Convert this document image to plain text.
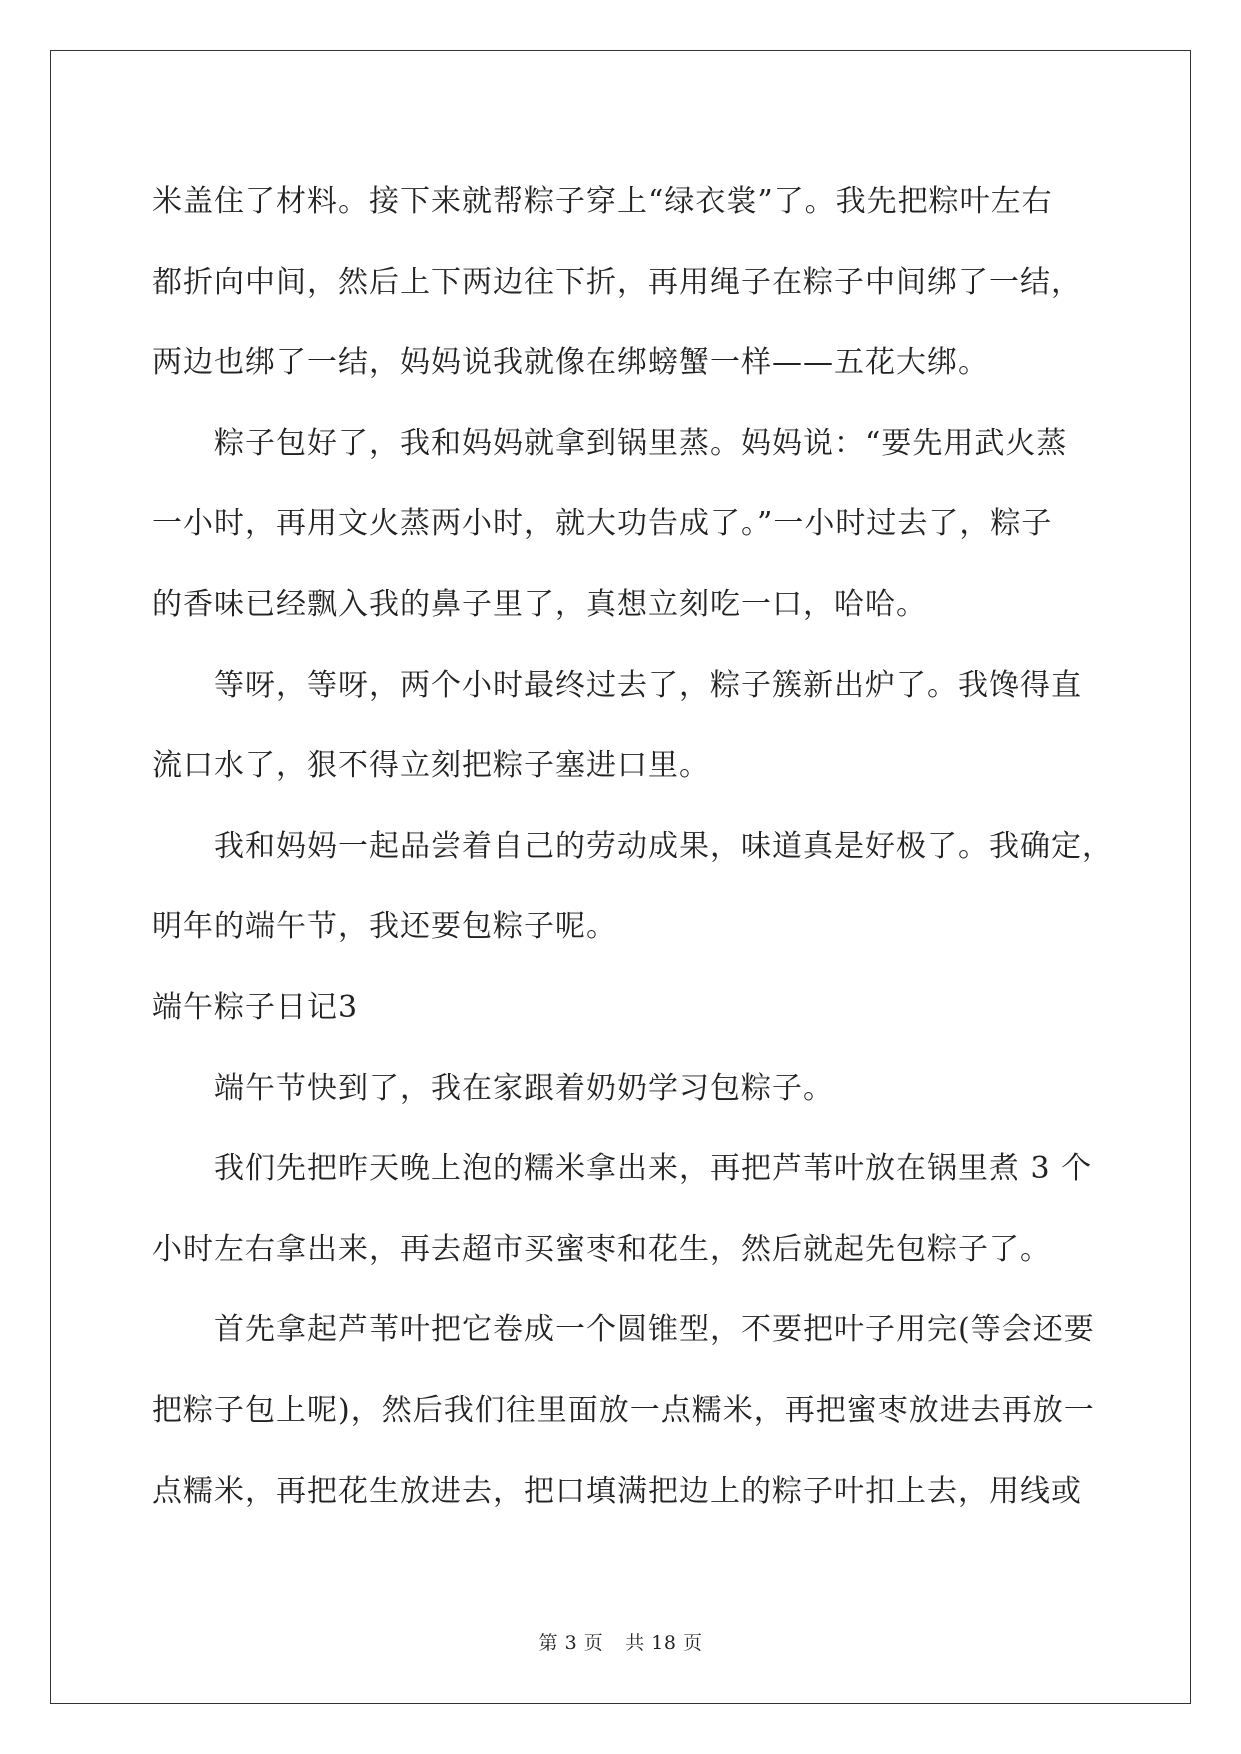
米盖住了材料。接下来就帮粽子穿上“绿衣裳”了。我先把粽叶左右
都折向中间，然后上下两边往下折，再用绳子在粽子中间绑了一结，
两边也绑了一结，妈妈说我就像在绑螃蟹一样——五花大绑。
粽子包好了，我和妈妈就拿到锅里蒸。妈妈说：“要先用武火蒸
一小时，再用文火蒸两小时，就大功告成了。”一小时过去了，粽子
的香味已经飘入我的鼻子里了，真想立刻吃一口，哈哈。
等呀，等呀，两个小时最终过去了，粽子簇新出炉了。我馋得直
流口水了，狠不得立刻把粽子塞进口里。
我和妈妈一起品尝着自己的劳动成果，味道真是好极了。我确定，
明年的端午节，我还要包粽子呢。
端午粽子日记3
端午节快到了，我在家跟着奶奶学习包粽子。
我们先把昨天晚上泡的糯米拿出来，再把芦苇叶放在锅里煮 3 个
小时左右拿出来，再去超市买蜜枣和花生，然后就起先包粽子了。
首先拿起芦苇叶把它卷成一个圆锥型，不要把叶子用完(等会还要
把粽子包上呢)，然后我们往里面放一点糯米，再把蜜枣放进去再放一
点糯米，再把花生放进去，把口填满把边上的粽子叶扣上去，用线或
第 3 页 共 18 页
